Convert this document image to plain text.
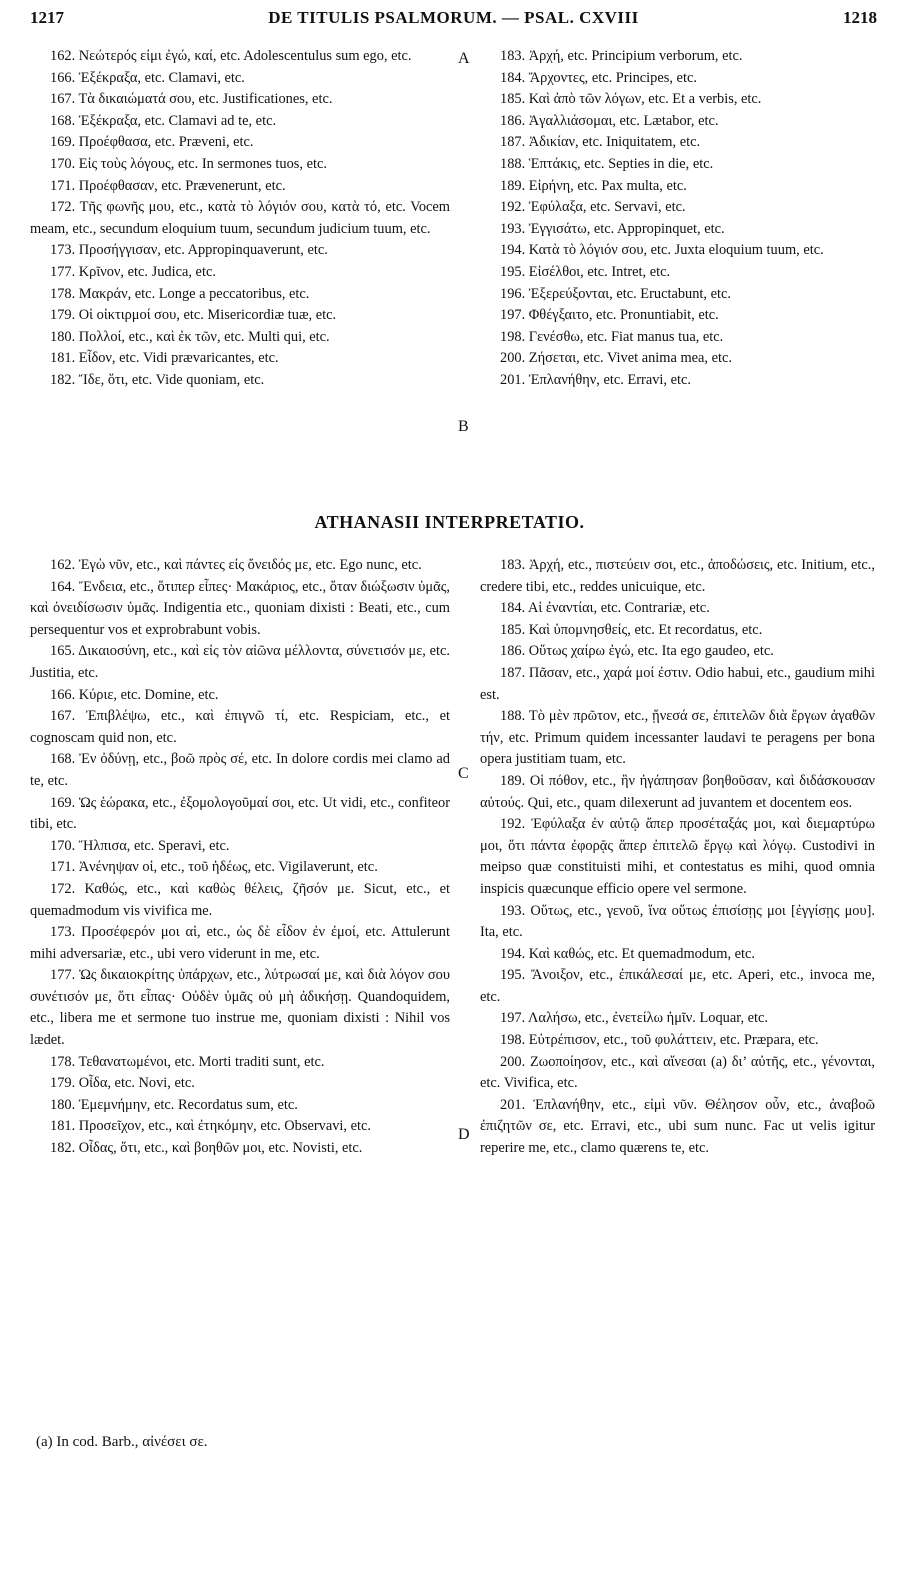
1217	DE TITULIS PSALMORUM. — PSAL. CXVIII	1218

162. Νεώτερός εἰμι ἐγώ, καί, etc. Adolescentulus sum ego, etc.

166. Ἐξέκραξα, etc. Clamavi, etc.

167. Τὰ δικαιώματά σου, etc. Justificationes, etc.

168. Ἐξέκραξα, etc. Clamavi ad te, etc.

169. Προέφθασα, etc. Præveni, etc.

170. Εἰς τοὺς λόγους, etc. In sermones tuos, etc.

171. Προέφθασαν, etc. Prævenerunt, etc.

172. Τῆς φωνῆς μου, etc., κατὰ τὸ λόγιόν σου, κατὰ τό, etc. Vocem meam, etc., secundum eloquium tuum, secundum judicium tuum, etc.

173. Προσήγγισαν, etc. Appropinquaverunt, etc.

177. Κρῖνον, etc. Judica, etc.

178. Μακράν, etc. Longe a peccatoribus, etc.

179. Οἱ οἰκτιρμοί σου, etc. Misericordiæ tuæ, etc.

180. Πολλοί, etc., καὶ ἐκ τῶν, etc. Multi qui, etc.

181. Εἶδον, etc. Vidi prævaricantes, etc.

182. Ἴδε, ὅτι, etc. Vide quoniam, etc.

183. Ἀρχή, etc. Principium verborum, etc.

184. Ἄρχοντες, etc. Principes, etc.

185. Καὶ ἀπὸ τῶν λόγων, etc. Et a verbis, etc.

186. Ἀγαλλιάσομαι, etc. Lætabor, etc.

187. Ἀδικίαν, etc. Iniquitatem, etc.

188. Ἑπτάκις, etc. Septies in die, etc.

189. Εἰρήνη, etc. Pax multa, etc.

192. Ἐφύλαξα, etc. Servavi, etc.

193. Ἐγγισάτω, etc. Appropinquet, etc.

194. Κατὰ τὸ λόγιόν σου, etc. Juxta eloquium tuum, etc.

195. Εἰσέλθοι, etc. Intret, etc.

196. Ἐξερεύξονται, etc. Eructabunt, etc.

197. Φθέγξαιτο, etc. Pronuntiabit, etc.

198. Γενέσθω, etc. Fiat manus tua, etc.

200. Ζήσεται, etc. Vivet anima mea, etc.

201. Ἐπλανήθην, etc. Erravi, etc.

A
B
C
D
ATHANASII INTERPRETATIO.

162. Ἐγὼ νῦν, etc., καὶ πάντες εἰς ὄνειδός με, etc. Ego nunc, etc.

164. Ἔνδεια, etc., ὅτιπερ εἶπες· Μακάριος, etc., ὅταν διώξωσιν ὑμᾶς, καὶ ὀνειδίσωσιν ὑμᾶς. Indigentia etc., quoniam dixisti : Beati, etc., cum persequentur vos et exprobrabunt vobis.

165. Δικαιοσύνη, etc., καὶ εἰς τὸν αἰῶνα μέλλοντα, σύνετισόν με, etc. Justitia, etc.

166. Κύριε, etc. Domine, etc.

167. Ἐπιβλέψω, etc., καὶ ἐπιγνῶ τί, etc. Respiciam, etc., et cognoscam quid non, etc.

168. Ἐν ὀδύνῃ, etc., βοῶ πρὸς σέ, etc. In dolore cordis mei clamo ad te, etc.

169. Ὡς ἑώρακα, etc., ἐξομολογοῦμαί σοι, etc. Ut vidi, etc., confiteor tibi, etc.

170. Ἤλπισα, etc. Speravi, etc.

171. Ἀνένηψαν οἱ, etc., τοῦ ἡδέως, etc. Vigilaverunt, etc.

172. Καθώς, etc., καὶ καθὼς θέλεις, ζῆσόν με. Sicut, etc., et quemadmodum vis vivifica me.

173. Προσέφερόν μοι αἱ, etc., ὡς δὲ εἶδον ἐν ἐμοί, etc. Attulerunt mihi adversariæ, etc., ubi vero viderunt in me, etc.

177. Ὡς δικαιοκρίτης ὑπάρχων, etc., λύτρωσαί με, καὶ διὰ λόγον σου συνέτισόν με, ὅτι εἶπας· Οὐδὲν ὑμᾶς οὐ μὴ ἀδικήσῃ. Quandoquidem, etc., libera me et sermone tuo instrue me, quoniam dixisti : Nihil vos lædet.

178. Τεθανατωμένοι, etc. Morti traditi sunt, etc.

179. Οἶδα, etc. Novi, etc.

180. Ἐμεμνήμην, etc. Recordatus sum, etc.

181. Προσεῖχον, etc., καὶ ἐτηκόμην, etc. Observavi, etc.

182. Οἶδας, ὅτι, etc., καὶ βοηθῶν μοι, etc. Novisti, etc.

183. Ἀρχή, etc., πιστεύειν σοι, etc., ἀποδώσεις, etc. Initium, etc., credere tibi, etc., reddes unicuique, etc.

184. Αἱ ἐναντίαι, etc. Contrariæ, etc.

185. Καὶ ὑπομνησθείς, etc. Et recordatus, etc.

186. Οὕτως χαίρω ἐγώ, etc. Ita ego gaudeo, etc.

187. Πᾶσαν, etc., χαρά μοί ἐστιν. Odio habui, etc., gaudium mihi est.

188. Τὸ μὲν πρῶτον, etc., ᾔνεσά σε, ἐπιτελῶν διὰ ἔργων ἀγαθῶν τήν, etc. Primum quidem incessanter laudavi te peragens per bona opera justitiam tuam, etc.

189. Οἱ πόθον, etc., ἣν ἠγάπησαν βοηθοῦσαν, καὶ διδάσκουσαν αὐτούς. Qui, etc., quam dilexerunt ad juvantem et docentem eos.

192. Ἐφύλαξα ἐν αὐτῷ ἅπερ προσέταξάς μοι, καὶ διεμαρτύρω μοι, ὅτι πάντα ἐφορᾷς ἅπερ ἐπιτελῶ ἔργῳ καὶ λόγῳ. Custodivi in meipso quæ constituisti mihi, et contestatus es mihi, quod omnia inspicis quæcunque efficio opere vel sermone.

193. Οὕτως, etc., γενοῦ, ἵνα οὕτως ἐπισίσῃς μοι [ἐγγίσῃς μου]. Ita, etc.

194. Καὶ καθώς, etc. Et quemadmodum, etc.

195. Ἄνοιξον, etc., ἐπικάλεσαί με, etc. Aperi, etc., invoca me, etc.

197. Λαλήσω, etc., ἐνετείλω ἡμῖν. Loquar, etc.

198. Εὐτρέπισον, etc., τοῦ φυλάττειν, etc. Præpara, etc.

200. Ζωοποίησον, etc., καὶ αἴνεσαι (a) δι’ αὐτῆς, etc., γένονται, etc. Vivifica, etc.

201. Ἐπλανήθην, etc., εἰμὶ νῦν. Θέλησον οὖν, etc., ἀναβοῶ ἐπιζητῶν σε, etc. Erravi, etc., ubi sum nunc. Fac ut velis igitur reperire me, etc., clamo quærens te, etc.

(a) In cod. Barb., αἰνέσει σε.
